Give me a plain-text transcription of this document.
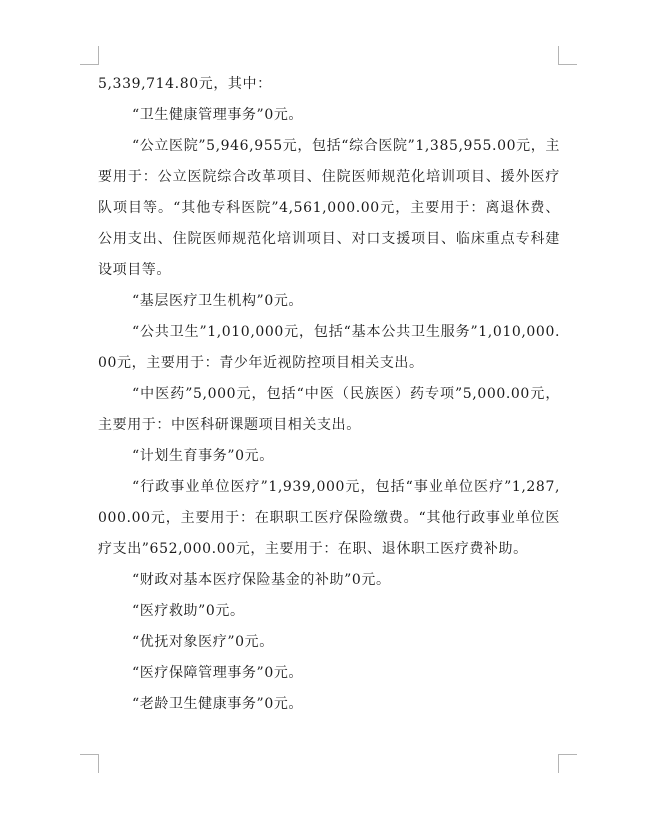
5,339,714.80元，其中：

“卫生健康管理事务”0元。

“公立医院”5,946,955元，包括“综合医院”1,385,955.00元，主要用于：公立医院综合改革项目、住院医师规范化培训项目、援外医疗队项目等。“其他专科医院”4,561,000.00元，主要用于：离退休费、公用支出、住院医师规范化培训项目、对口支援项目、临床重点专科建设项目等。

“基层医疗卫生机构”0元。

“公共卫生”1,010,000元，包括“基本公共卫生服务”1,010,000.00元，主要用于：青少年近视防控项目相关支出。

“中医药”5,000元，包括“中医（民族医）药专项”5,000.00元，主要用于：中医科研课题项目相关支出。

“计划生育事务”0元。

“行政事业单位医疗”1,939,000元，包括“事业单位医疗”1,287,000.00元，主要用于：在职职工医疗保险缴费。“其他行政事业单位医疗支出”652,000.00元，主要用于：在职、退休职工医疗费补助。

“财政对基本医疗保险基金的补助”0元。

“医疗救助”0元。

“优抚对象医疗”0元。

“医疗保障管理事务”0元。

“老龄卫生健康事务”0元。
